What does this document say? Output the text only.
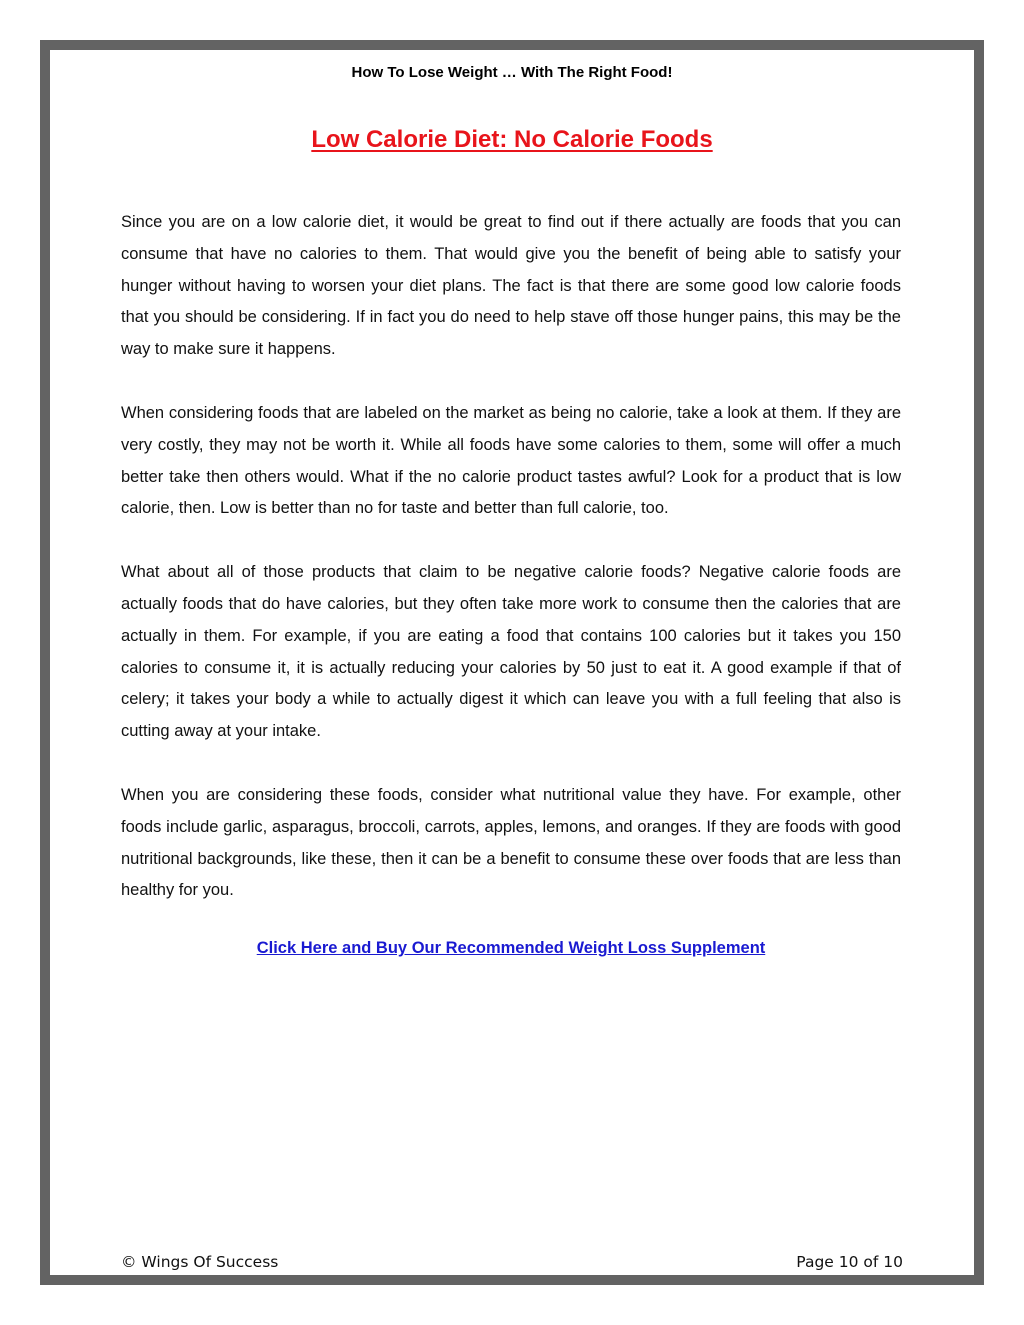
How To Lose Weight … With The Right Food!
Low Calorie Diet: No Calorie Foods

Since you are on a low calorie diet, it would be great to find out if there actually are foods that you can consume that have no calories to them. That would give you the benefit of being able to satisfy your hunger without having to worsen your diet plans. The fact is that there are some good low calorie foods that you should be considering. If in fact you do need to help stave off those hunger pains, this may be the way to make sure it happens.

When considering foods that are labeled on the market as being no calorie, take a look at them. If they are very costly, they may not be worth it. While all foods have some calories to them, some will offer a much better take then others would. What if the no calorie product tastes awful? Look for a product that is low calorie, then. Low is better than no for taste and better than full calorie, too.

What about all of those products that claim to be negative calorie foods? Negative calorie foods are actually foods that do have calories, but they often take more work to consume then the calories that are actually in them. For example, if you are eating a food that contains 100 calories but it takes you 150 calories to consume it, it is actually reducing your calories by 50 just to eat it. A good example if that of celery; it takes your body a while to actually digest it which can leave you with a full feeling that also is cutting away at your intake.

When you are considering these foods, consider what nutritional value they have. For example, other foods include garlic, asparagus, broccoli, carrots, apples, lemons, and oranges. If they are foods with good nutritional backgrounds, like these, then it can be a benefit to consume these over foods that are less than healthy for you.

Click Here and Buy Our Recommended Weight Loss Supplement
© Wings Of Success	Page 10 of 10
